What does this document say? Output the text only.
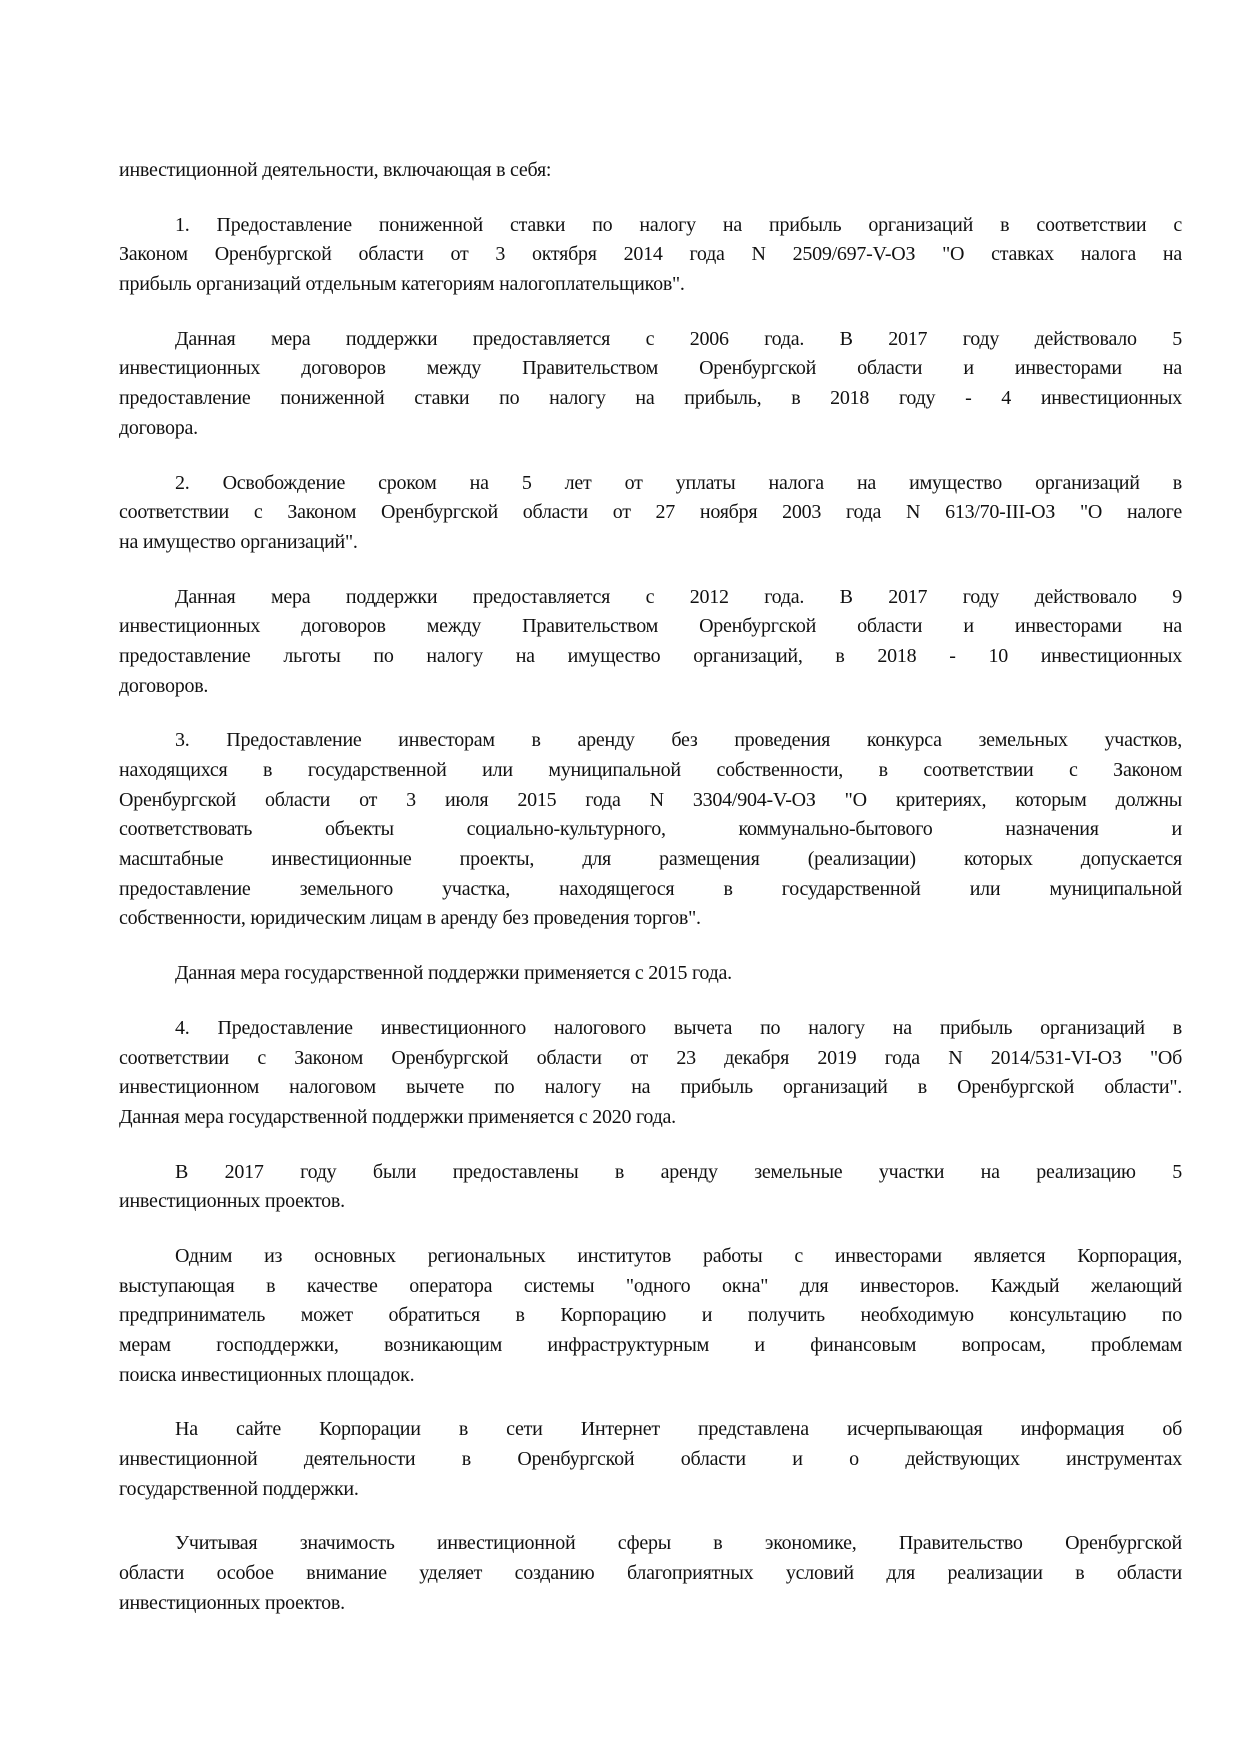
инвестиционной деятельности, включающая в себя:
1. Предоставление пониженной ставки по налогу на прибыль организаций в соответствии с
Законом Оренбургской области от 3 октября 2014 года N 2509/697-V-ОЗ "О ставках налога на
прибыль организаций отдельным категориям налогоплательщиков".
Данная мера поддержки предоставляется с 2006 года. В 2017 году действовало 5
инвестиционных договоров между Правительством Оренбургской области и инвесторами на
предоставление пониженной ставки по налогу на прибыль, в 2018 году - 4 инвестиционных
договора.
2. Освобождение сроком на 5 лет от уплаты налога на имущество организаций в
соответствии с Законом Оренбургской области от 27 ноября 2003 года N 613/70-III-ОЗ "О налоге
на имущество организаций".
Данная мера поддержки предоставляется с 2012 года. В 2017 году действовало 9
инвестиционных договоров между Правительством Оренбургской области и инвесторами на
предоставление льготы по налогу на имущество организаций, в 2018 - 10 инвестиционных
договоров.
3. Предоставление инвесторам в аренду без проведения конкурса земельных участков,
находящихся в государственной или муниципальной собственности, в соответствии с Законом
Оренбургской области от 3 июля 2015 года N 3304/904-V-ОЗ "О критериях, которым должны
соответствовать объекты социально-культурного, коммунально-бытового назначения и
масштабные инвестиционные проекты, для размещения (реализации) которых допускается
предоставление земельного участка, находящегося в государственной или муниципальной
собственности, юридическим лицам в аренду без проведения торгов".
Данная мера государственной поддержки применяется с 2015 года.
4. Предоставление инвестиционного налогового вычета по налогу на прибыль организаций в
соответствии с Законом Оренбургской области от 23 декабря 2019 года N 2014/531-VI-ОЗ "Об
инвестиционном налоговом вычете по налогу на прибыль организаций в Оренбургской области".
Данная мера государственной поддержки применяется с 2020 года.
В 2017 году были предоставлены в аренду земельные участки на реализацию 5
инвестиционных проектов.
Одним из основных региональных институтов работы с инвесторами является Корпорация,
выступающая в качестве оператора системы "одного окна" для инвесторов. Каждый желающий
предприниматель может обратиться в Корпорацию и получить необходимую консультацию по
мерам господдержки, возникающим инфраструктурным и финансовым вопросам, проблемам
поиска инвестиционных площадок.
На сайте Корпорации в сети Интернет представлена исчерпывающая информация об
инвестиционной деятельности в Оренбургской области и о действующих инструментах
государственной поддержки.
Учитывая значимость инвестиционной сферы в экономике, Правительство Оренбургской
области особое внимание уделяет созданию благоприятных условий для реализации в области
инвестиционных проектов.
